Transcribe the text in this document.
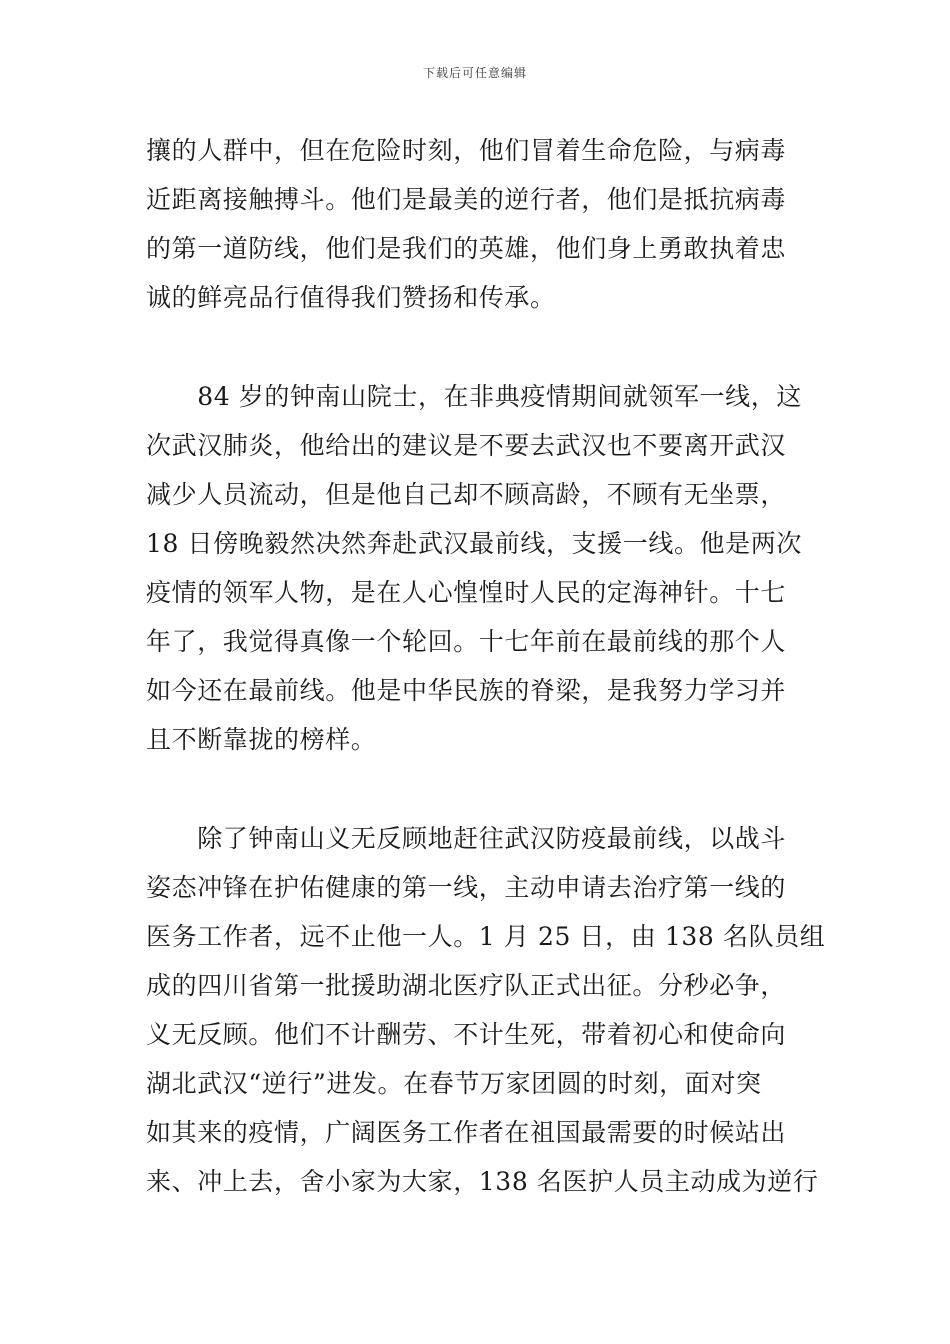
下载后可任意编辑
攘的人群中，但在危险时刻，他们冒着生命危险，与病毒
近距离接触搏斗。他们是最美的逆行者，他们是抵抗病毒
的第一道防线，他们是我们的英雄，他们身上勇敢执着忠
诚的鲜亮品行值得我们赞扬和传承。
　　84 岁的钟南山院士，在非典疫情期间就领军一线，这
次武汉肺炎，他给出的建议是不要去武汉也不要离开武汉
减少人员流动，但是他自己却不顾高龄，不顾有无坐票，
18 日傍晚毅然决然奔赴武汉最前线，支援一线。他是两次
疫情的领军人物，是在人心惶惶时人民的定海神针。十七
年了，我觉得真像一个轮回。十七年前在最前线的那个人
如今还在最前线。他是中华民族的脊梁，是我努力学习并
且不断靠拢的榜样。
　　除了钟南山义无反顾地赶往武汉防疫最前线，以战斗
姿态冲锋在护佑健康的第一线，主动申请去治疗第一线的
医务工作者，远不止他一人。1 月 25 日，由 138 名队员组
成的四川省第一批援助湖北医疗队正式出征。分秒必争，
义无反顾。他们不计酬劳、不计生死，带着初心和使命向
湖北武汉“逆行”进发。在春节万家团圆的时刻，面对突
如其来的疫情，广阔医务工作者在祖国最需要的时候站出
来、冲上去，舍小家为大家，138 名医护人员主动成为逆行
